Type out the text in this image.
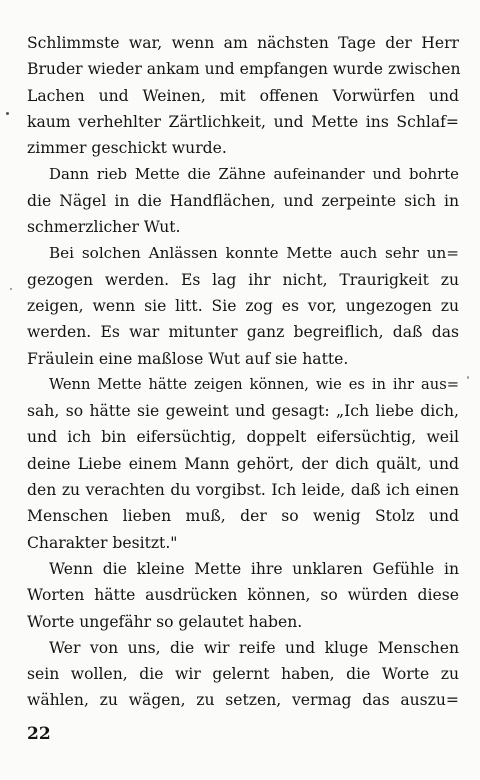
Schlimmste war, wenn am nächsten Tage der Herr
Bruder wieder ankam und empfangen wurde zwischen
Lachen und Weinen, mit offenen Vorwürfen und
kaum verhehlter Zärtlichkeit, und Mette ins Schlaf=
zimmer geschickt wurde.
Dann rieb Mette die Zähne aufeinander und bohrte
die Nägel in die Handflächen, und zerpeinte sich in
schmerzlicher Wut.
Bei solchen Anlässen konnte Mette auch sehr un=
gezogen werden. Es lag ihr nicht, Traurigkeit zu
zeigen, wenn sie litt. Sie zog es vor, ungezogen zu
werden. Es war mitunter ganz begreiflich, daß das
Fräulein eine maßlose Wut auf sie hatte.
Wenn Mette hätte zeigen können, wie es in ihr aus=
sah, so hätte sie geweint und gesagt: „Ich liebe dich,
und ich bin eifersüchtig, doppelt eifersüchtig, weil
deine Liebe einem Mann gehört, der dich quält, und
den zu verachten du vorgibst. Ich leide, daß ich einen
Menschen lieben muß, der so wenig Stolz und
Charakter besitzt."
Wenn die kleine Mette ihre unklaren Gefühle in
Worten hätte ausdrücken können, so würden diese
Worte ungefähr so gelautet haben.
Wer von uns, die wir reife und kluge Menschen
sein wollen, die wir gelernt haben, die Worte zu
wählen, zu wägen, zu setzen, vermag das auszu=
22
